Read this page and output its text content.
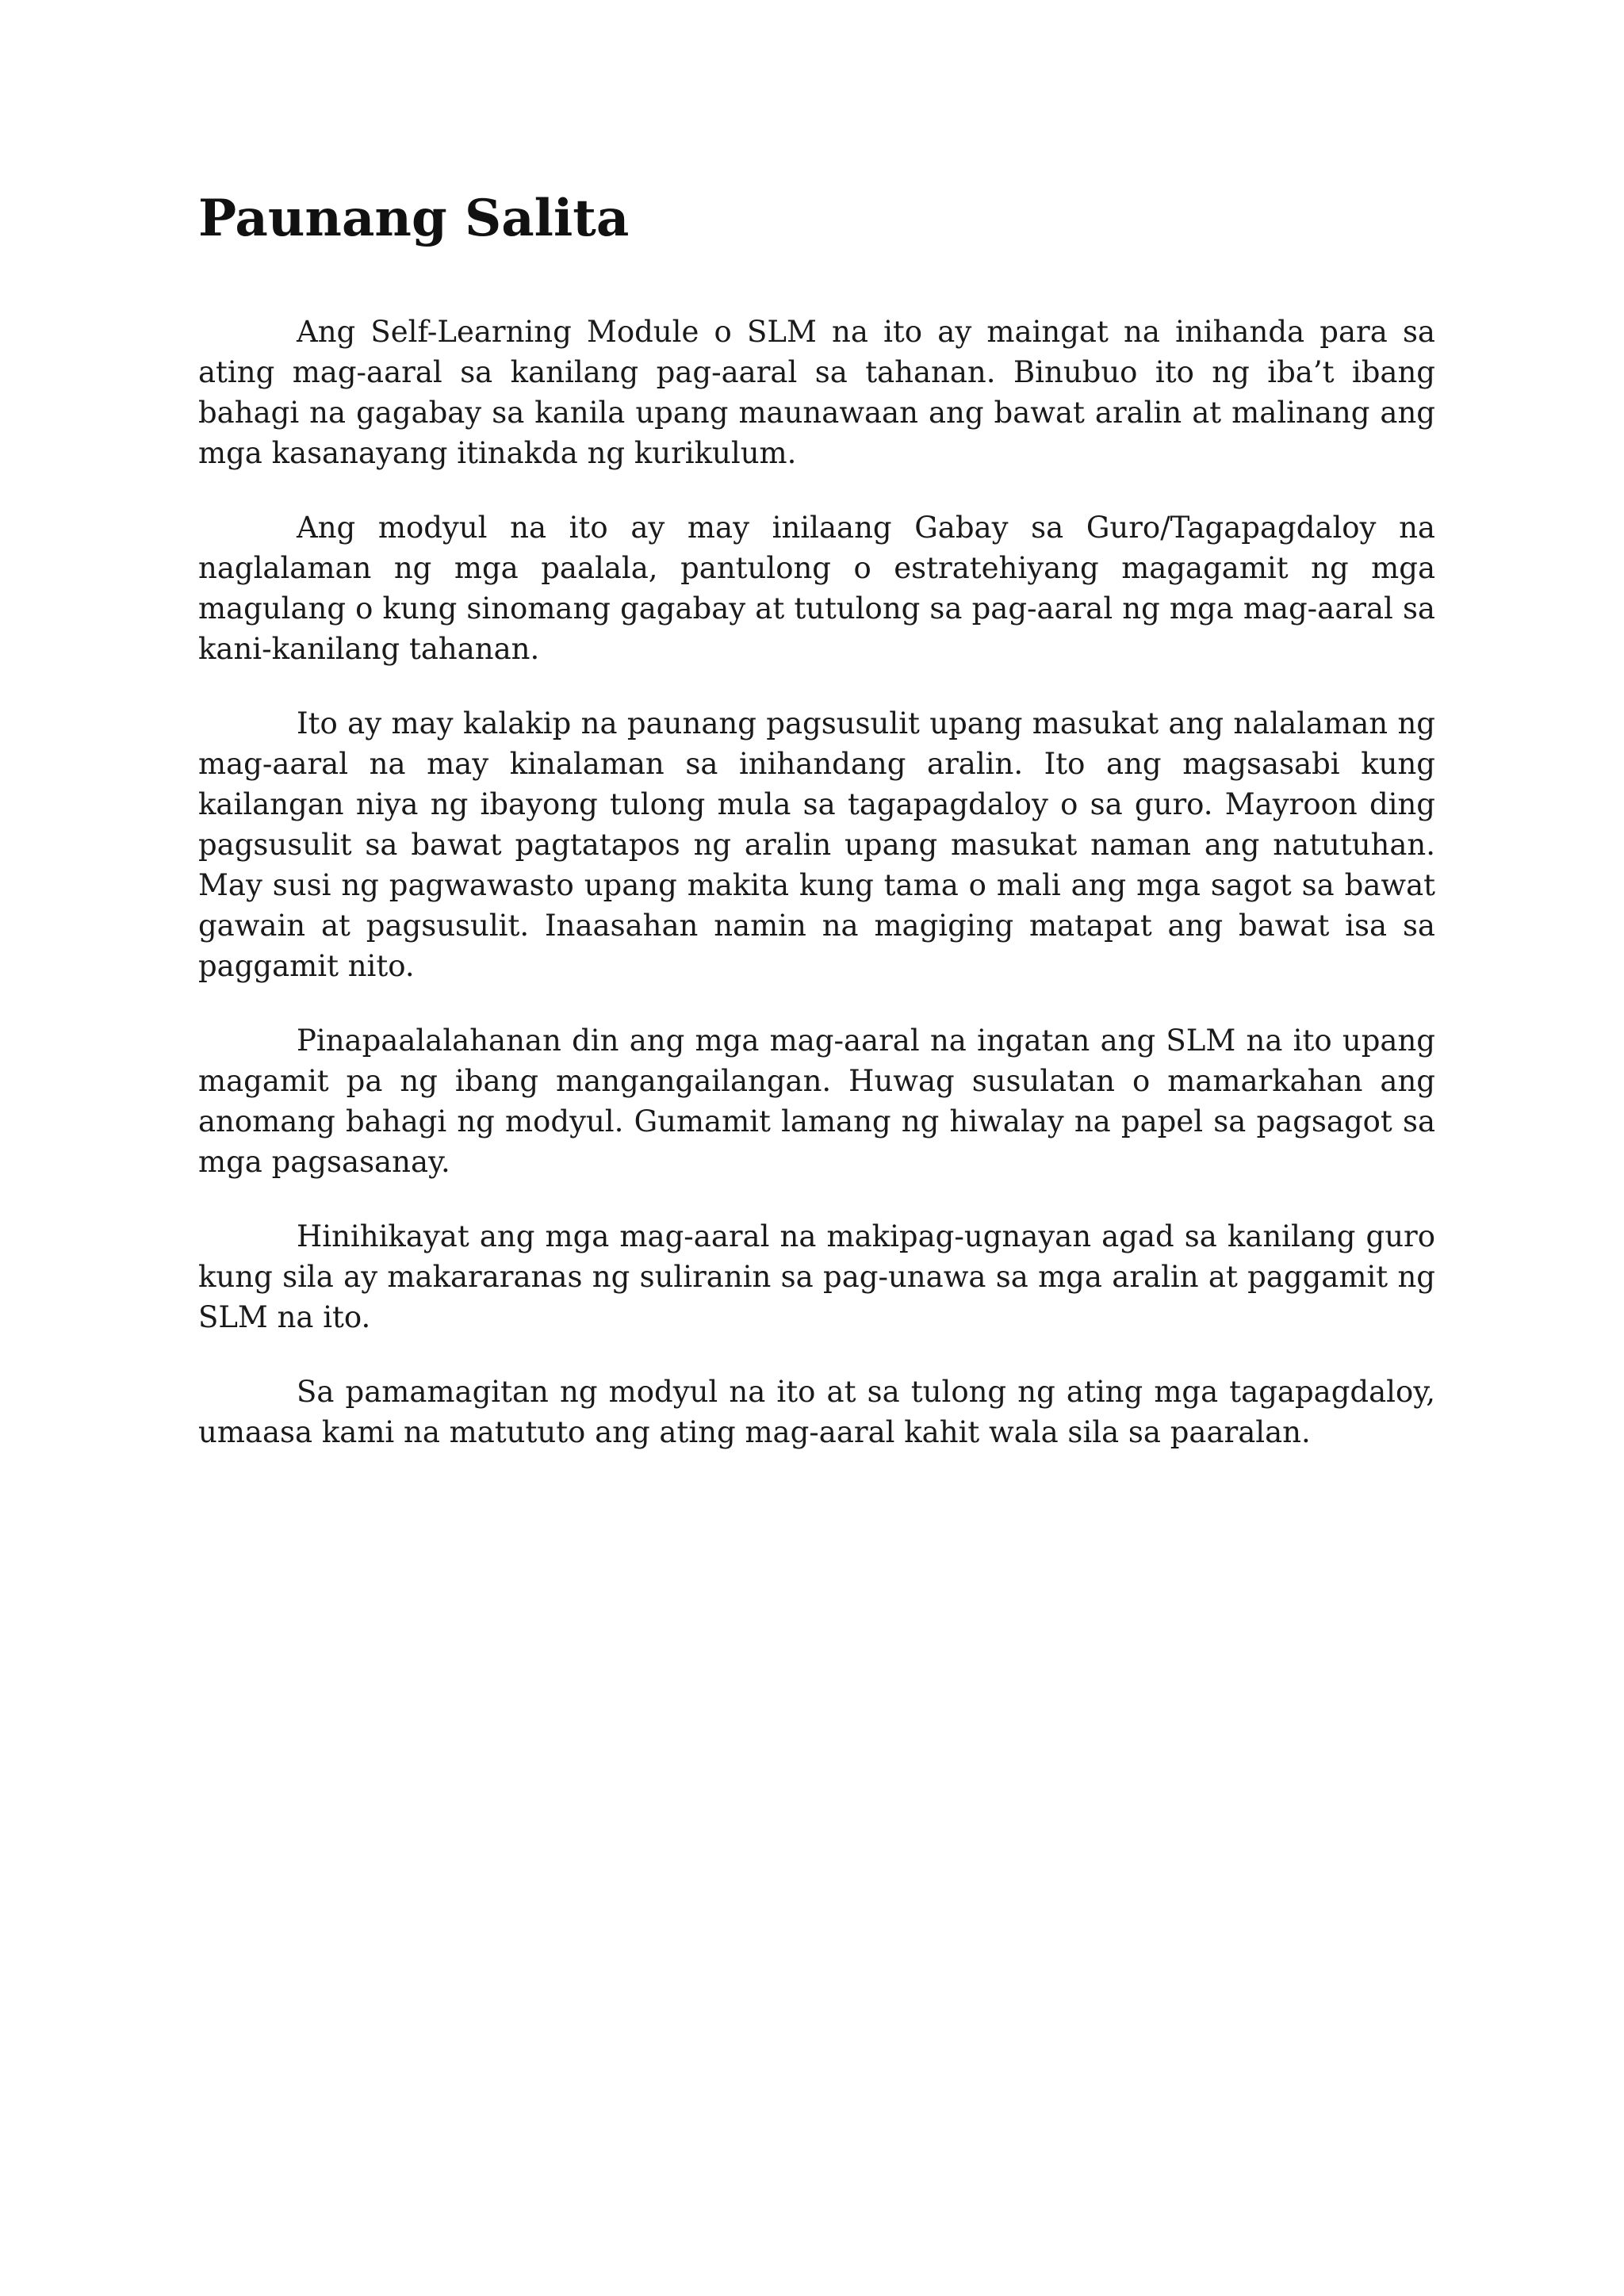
Paunang Salita

Ang Self-Learning Module o SLM na ito ay maingat na inihanda para sa ating mag-aaral sa kanilang pag-aaral sa tahanan. Binubuo ito ng iba’t ibang bahagi na gagabay sa kanila upang maunawaan ang bawat aralin at malinang ang mga kasanayang itinakda ng kurikulum.

Ang modyul na ito ay may inilaang Gabay sa Guro/Tagapagdaloy na naglalaman ng mga paalala, pantulong o estratehiyang magagamit ng mga magulang o kung sinomang gagabay at tutulong sa pag-aaral ng mga mag-aaral sa kani-kanilang tahanan.

Ito ay may kalakip na paunang pagsusulit upang masukat ang nalalaman ng mag-aaral na may kinalaman sa inihandang aralin. Ito ang magsasabi kung kailangan niya ng ibayong tulong mula sa tagapagdaloy o sa guro. Mayroon ding pagsusulit sa bawat pagtatapos ng aralin upang masukat naman ang natutuhan. May susi ng pagwawasto upang makita kung tama o mali ang mga sagot sa bawat gawain at pagsusulit. Inaasahan namin na magiging matapat ang bawat isa sa paggamit nito.

Pinapaalalahanan din ang mga mag-aaral na ingatan ang SLM na ito upang magamit pa ng ibang mangangailangan. Huwag susulatan o mamarkahan ang anomang bahagi ng modyul. Gumamit lamang ng hiwalay na papel sa pagsagot sa mga pagsasanay.

Hinihikayat ang mga mag-aaral na makipag-ugnayan agad sa kanilang guro kung sila ay makararanas ng suliranin sa pag-unawa sa mga aralin at paggamit ng SLM na ito.

Sa pamamagitan ng modyul na ito at sa tulong ng ating mga tagapagdaloy, umaasa kami na matututo ang ating mag-aaral kahit wala sila sa paaralan.
